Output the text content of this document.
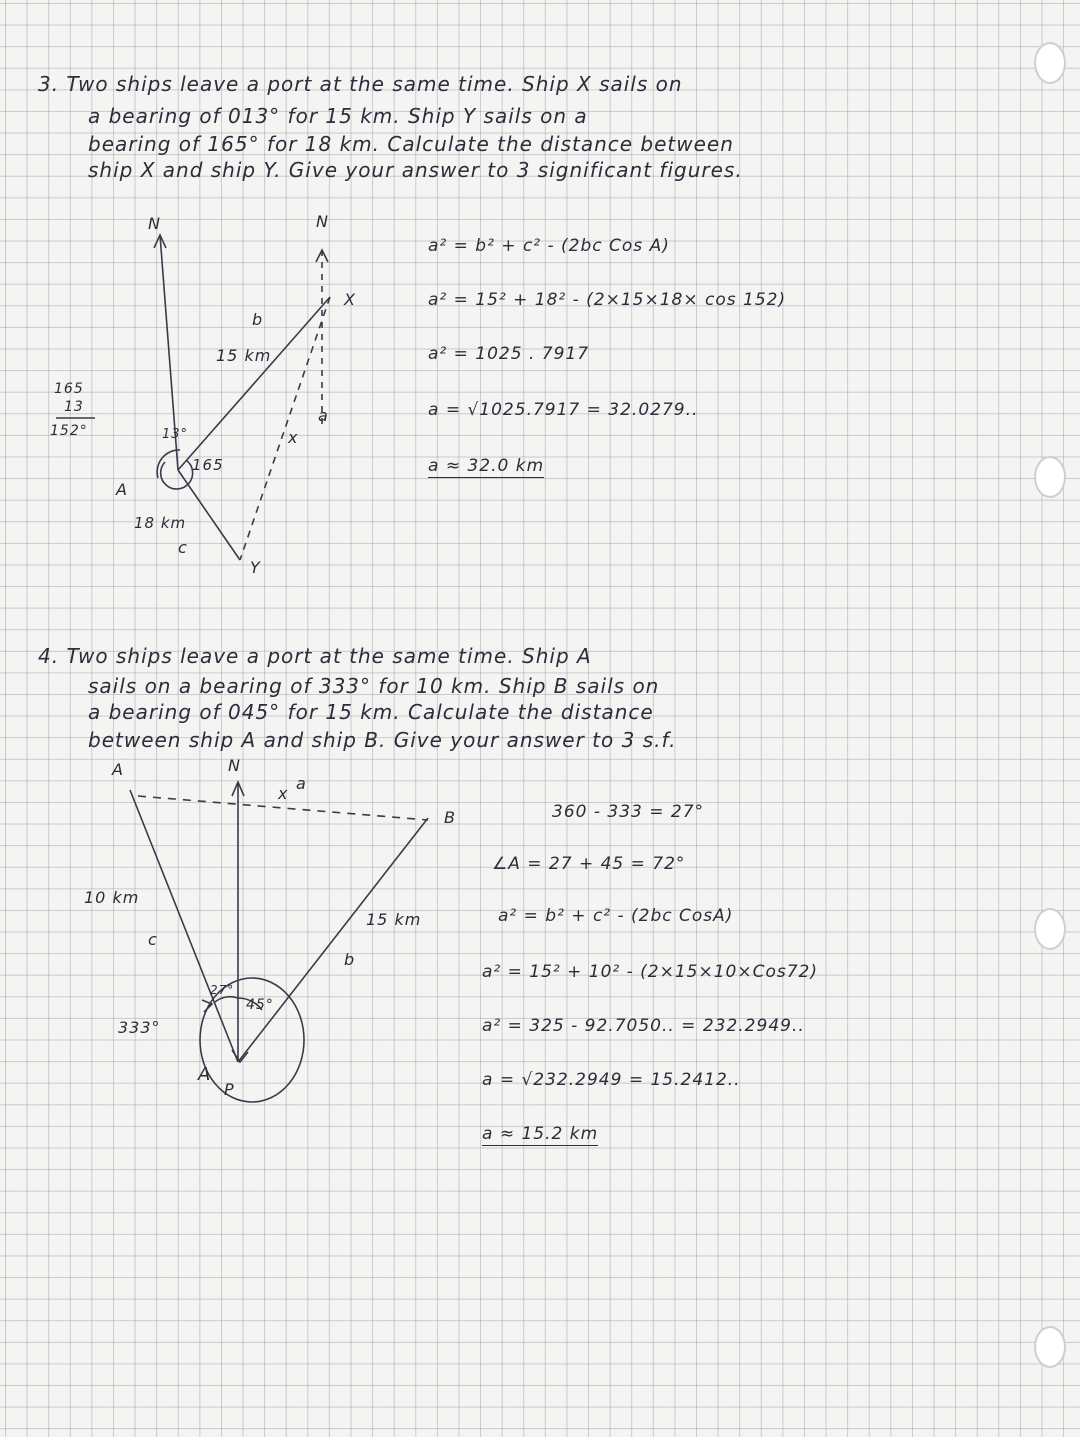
3. Two ships leave a port at the same time. Ship X sails on
a bearing of 013° for 15 km. Ship Y sails on a
bearing of 165° for 18 km. Calculate the distance between
ship X and ship Y. Give your answer to 3 significant figures.
N	N
X
b
15 km
a
x
165
13
152°	13°
165
A
18 km
c
Y
a² = b² + c² - (2bc Cos A)
a² = 15² + 18² - (2×15×18× cos 152)
a² = 1025 . 7917
a = √1025.7917 = 32.0279..
a ≈ 32.0 km
4. Two ships leave a port at the same time. Ship A
sails on a bearing of 333° for 10 km. Ship B sails on
a bearing of 045° for 15 km. Calculate the distance
between ship A and ship B. Give your answer to 3 s.f.
A	N
x
a
B
10 km
15 km
c
b
333°
27°
45°
A
P
360 - 333 = 27°
∠A = 27 + 45 = 72°
a² = b² + c² - (2bc CosA)
a² = 15² + 10² - (2×15×10×Cos72)
a² = 325 - 92.7050.. = 232.2949..
a = √232.2949 = 15.2412..
a ≈ 15.2 km
